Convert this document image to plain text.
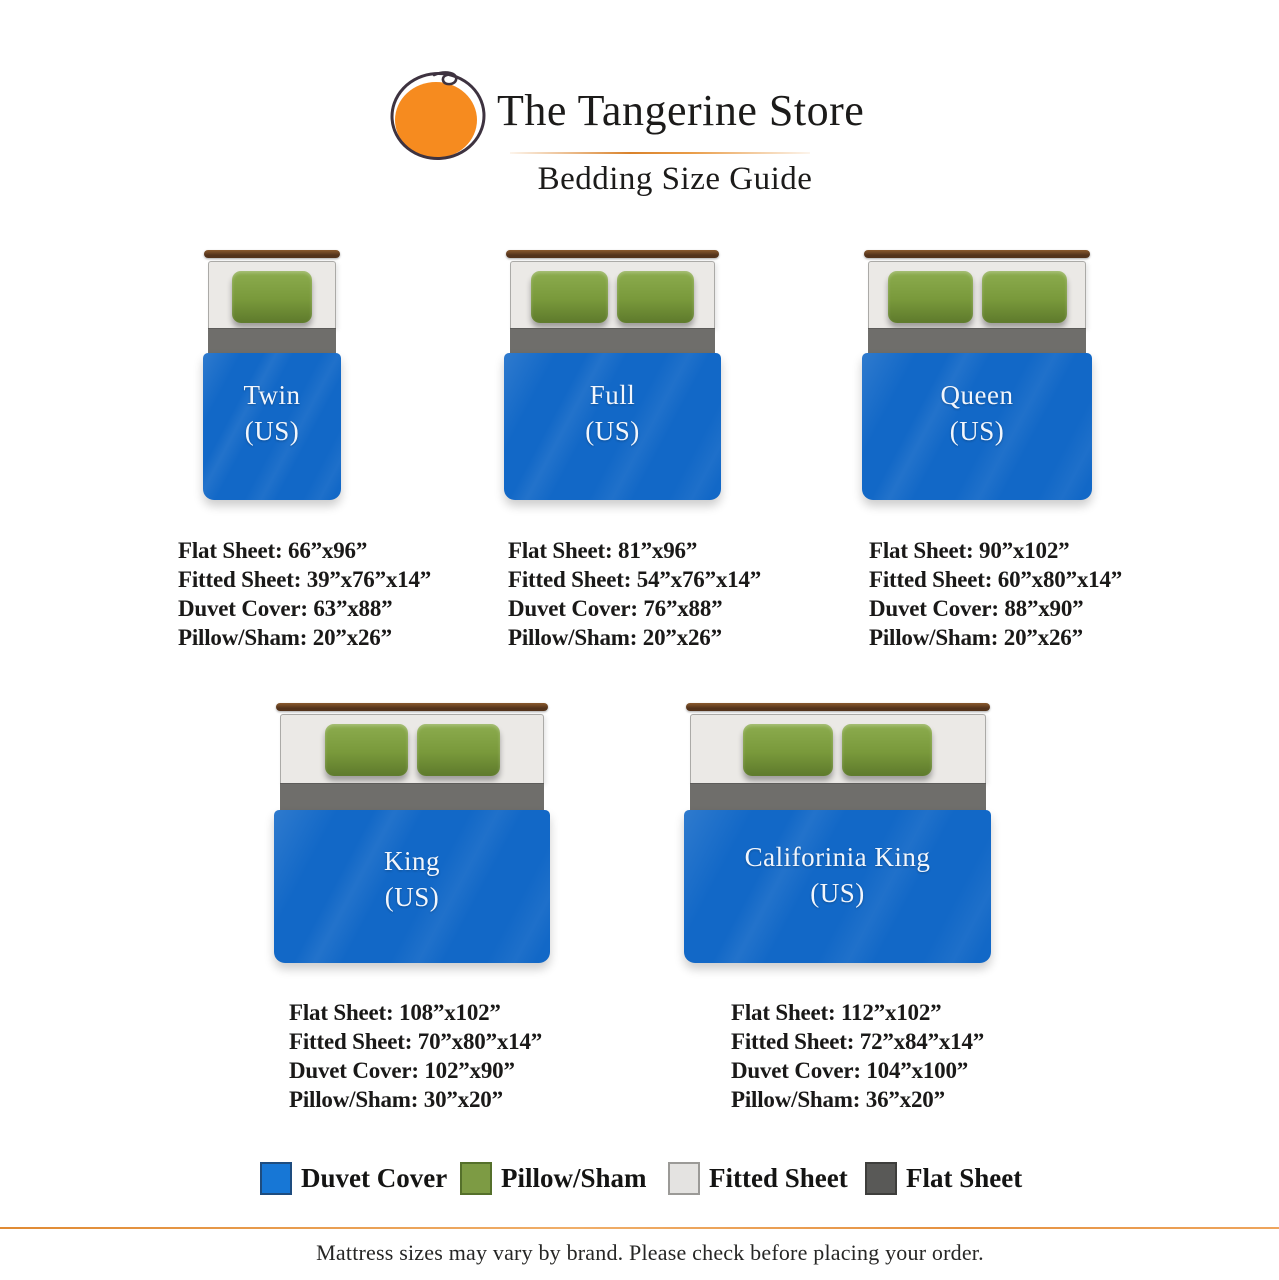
The Tangerine Store
Bedding Size Guide
Twin
(US)
Full
(US)
Queen
(US)
King
(US)
Califorinia King
(US)
Flat Sheet: 66”x96”
Fitted Sheet: 39”x76”x14”
Duvet Cover: 63”x88”
Pillow/Sham: 20”x26”
Flat Sheet: 81”x96”
Fitted Sheet: 54”x76”x14”
Duvet Cover: 76”x88”
Pillow/Sham: 20”x26”
Flat Sheet: 90”x102”
Fitted Sheet: 60”x80”x14”
Duvet Cover: 88”x90”
Pillow/Sham: 20”x26”
Flat Sheet: 108”x102”
Fitted Sheet: 70”x80”x14”
Duvet Cover: 102”x90”
Pillow/Sham: 30”x20”
Flat Sheet: 112”x102”
Fitted Sheet: 72”x84”x14”
Duvet Cover: 104”x100”
Pillow/Sham: 36”x20”
Duvet Cover Pillow/Sham Fitted Sheet Flat Sheet
Mattress sizes may vary by brand. Please check before placing your order.
